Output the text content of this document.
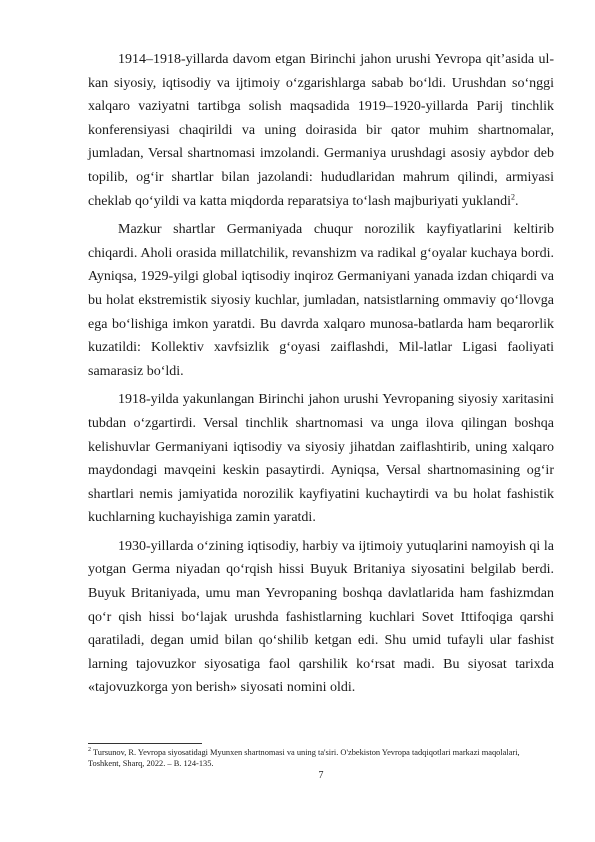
1914–1918-yillarda davom etgan Birinchi jahon urushi Yevropa qit’asida ul-kan siyosiy, iqtisodiy va ijtimoiy o‘zgarishlarga sabab bo‘ldi. Urushdan so‘nggi xalqaro vaziyatni tartibga solish maqsadida 1919–1920-yillarda Parij tinchlik konferensiyasi chaqirildi va uning doirasida bir qator muhim shartnomalar, jumladan, Versal shartnomasi imzolandi. Germaniya urushdagi asosiy aybdor deb topilib, og‘ir shartlar bilan jazolandi: hududlaridan mahrum qilindi, armiyasi cheklab qo‘yildi va katta miqdorda reparatsiya to‘lash majburiyati yuklandi$^2$.

Mazkur shartlar Germaniyada chuqur norozilik kayfiyatlarini keltirib chiqardi. Aholi orasida millatchilik, revanshizm va radikal g‘oyalar kuchaya bordi. Ayniqsa, 1929-yilgi global iqtisodiy inqiroz Germaniyani yanada izdan chiqardi va bu holat ekstremistik siyosiy kuchlar, jumladan, natsistlarning ommaviy qo‘llovga ega bo‘lishiga imkon yaratdi. Bu davrda xalqaro munosa-batlarda ham beqarorlik kuzatildi: Kollektiv xavfsizlik g‘oyasi zaiflashdi, Mil-latlar Ligasi faoliyati samarasiz bo‘ldi.

1918-yilda yakunlangan Birinchi jahon urushi Yevropaning siyosiy xaritasini tubdan o‘zgartirdi. Versal tinchlik shartnomasi va unga ilova qilingan boshqa kelishuvlar Germaniyani iqtisodiy va siyosiy jihatdan zaiflashtirib, uning xalqaro maydondagi mavqeini keskin pasaytirdi. Ayniqsa, Versal shartnomasining og‘ir shartlari nemis jamiyatida norozilik kayfiyatini kuchaytirdi va bu holat fashistik kuchlarning kuchayishiga zamin yaratdi.

1930-yillarda o‘zining iqtisodiy, harbiy va ijtimoiy yutuqlarini namoyish qi la yotgan Germa niyadan qo‘rqish hissi Buyuk Britaniya siyosatini belgilab berdi. Buyuk Britaniyada, umu man Yevropaning boshqa davlatlarida ham fashizmdan qo‘r qish hissi bo‘lajak urushda fashistlarning kuchlari Sovet Ittifoqiga qarshi qaratiladi, degan umid bilan qo‘shilib ketgan edi. Shu umid tufayli ular fashist larning tajovuzkor siyosatiga faol qarshilik ko‘rsat madi. Bu siyosat tarixda «tajovuzkorga yon berish» siyosati nomini oldi.

$^2$ Tursunov, R. Yevropa siyosatidagi Myunxen shartnomasi va uning ta'siri. O'zbekiston Yevropa tadqiqotlari markazi maqolalari, Toshkent, Sharq, 2022. – B. 124-135.
7
